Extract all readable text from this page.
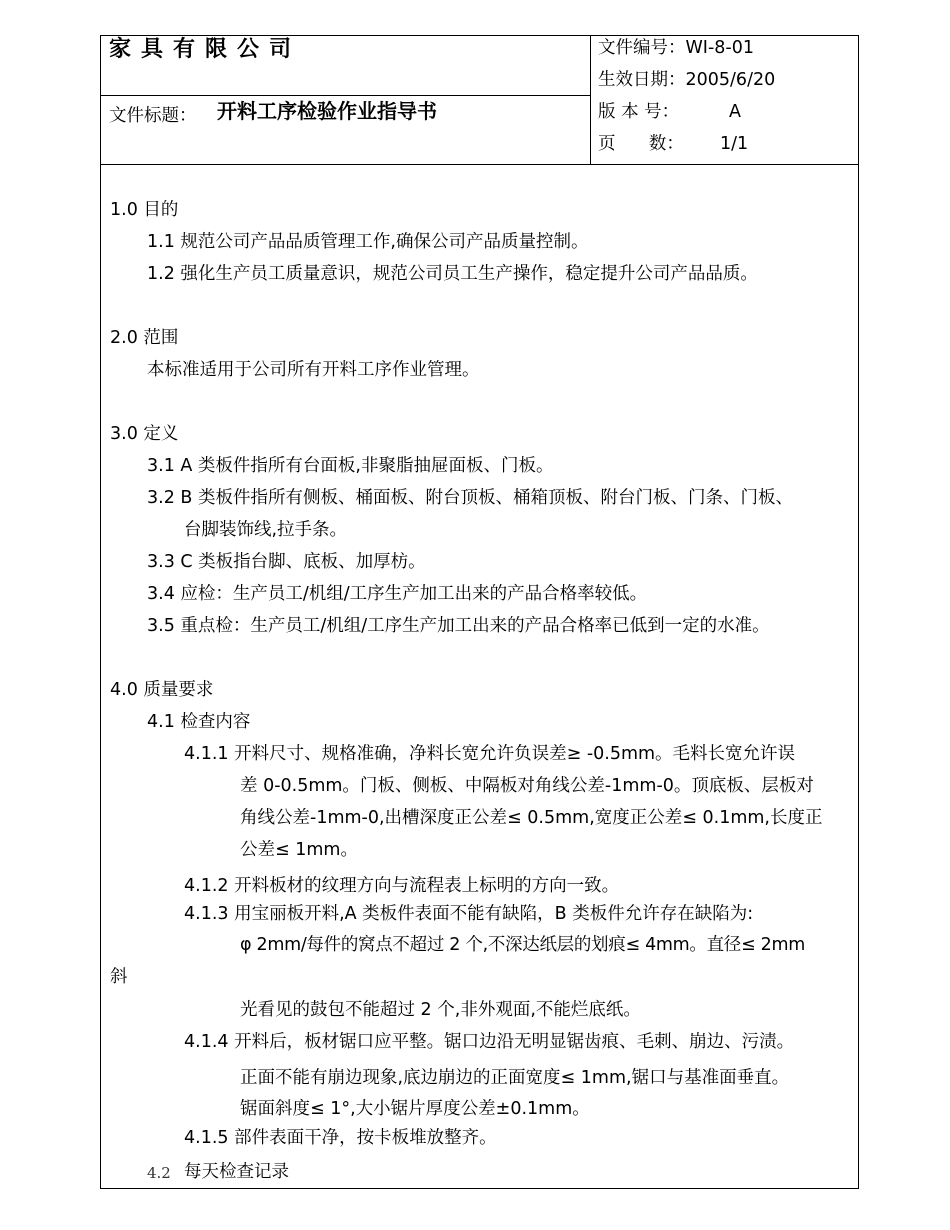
家具有限公司
文件标题： 开料工序检验作业指导书
文件编号：WI-8-01
生效日期：2005/6/20
版 本 号：	A
页      数： 1/1
1.0 目的
1.1 规范公司产品品质管理工作,确保公司产品质量控制。
1.2 强化生产员工质量意识，规范公司员工生产操作，稳定提升公司产品品质。
2.0 范围
本标准适用于公司所有开料工序作业管理。
3.0 定义
3.1 A 类板件指所有台面板,非聚脂抽屉面板、门板。
3.2 B 类板件指所有侧板、桶面板、附台顶板、桶箱顶板、附台门板、门条、门板、
台脚装饰线,拉手条。
3.3 C 类板指台脚、底板、加厚枋。
3.4 应检：生产员工/机组/工序生产加工出来的产品合格率较低。
3.5 重点检：生产员工/机组/工序生产加工出来的产品合格率已低到一定的水准。
4.0 质量要求
4.1 检查内容
4.1.1 开料尺寸、规格准确，净料长宽允许负误差≥ -0.5mm。毛料长宽允许误
差 0-0.5mm。门板、侧板、中隔板对角线公差-1mm-0。顶底板、层板对
角线公差-1mm-0,出槽深度正公差≤ 0.5mm,宽度正公差≤ 0.1mm,长度正
公差≤ 1mm。
4.1.2 开料板材的纹理方向与流程表上标明的方向一致。
4.1.3 用宝丽板开料,A 类板件表面不能有缺陷，B 类板件允许存在缺陷为:
φ 2mm/每件的窝点不超过 2 个,不深达纸层的划痕≤ 4mm。直径≤ 2mm
斜
光看见的鼓包不能超过 2 个,非外观面,不能烂底纸。
4.1.4 开料后，板材锯口应平整。锯口边沿无明显锯齿痕、毛刺、崩边、污渍。
正面不能有崩边现象,底边崩边的正面宽度≤ 1mm,锯口与基准面垂直。
锯面斜度≤ 1°,大小锯片厚度公差±0.1mm。
4.1.5 部件表面干净，按卡板堆放整齐。
4.2 每天检查记录
